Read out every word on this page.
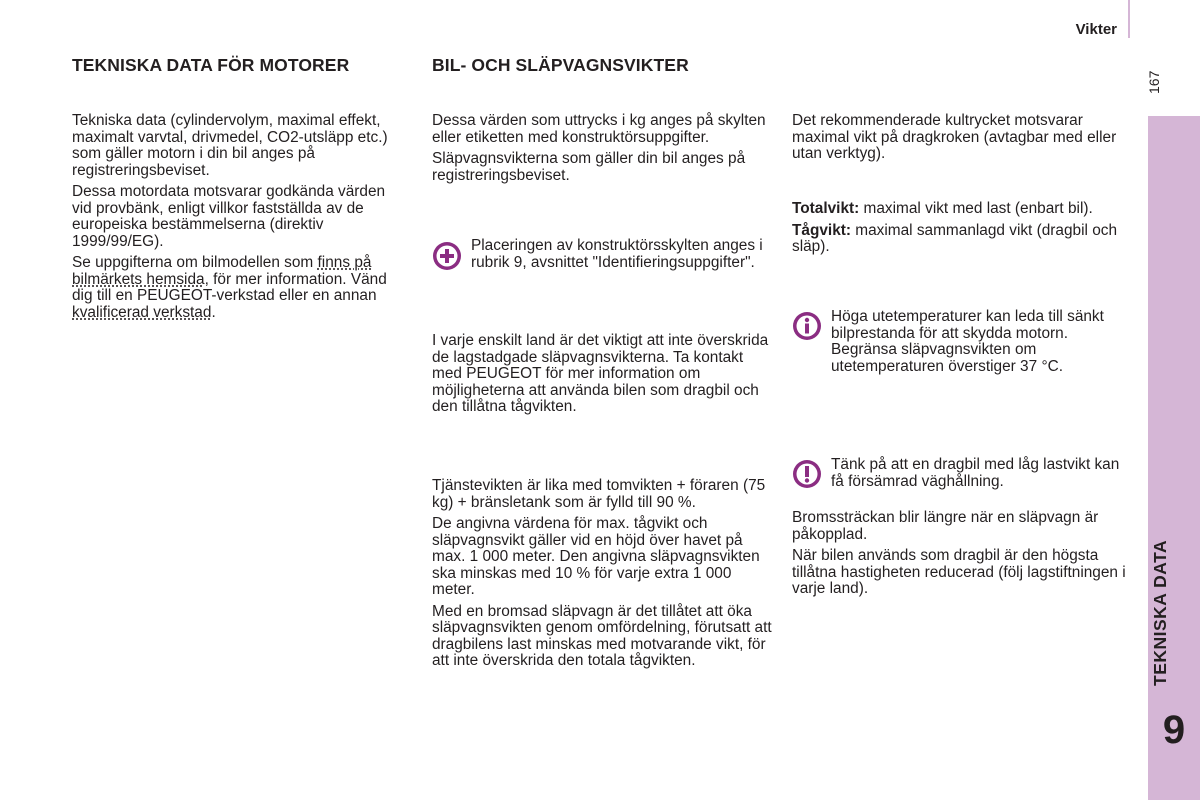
Vikter
167
9
TEKNISKA DATA FÖR MOTORER

Tekniska data (cylindervolym, maximal effekt, maximalt varvtal, drivmedel, CO2-utsläpp etc.) som gäller motorn i din bil anges på registreringsbeviset.

Dessa motordata motsvarar godkända värden vid provbänk, enligt villkor fastställda av de europeiska bestämmelserna (direktiv 1999/99/EG).

Se uppgifterna om bilmodellen som finns på bilmärkets hemsida, för mer information. Vänd dig till en PEUGEOT-verkstad eller en annan kvalificerad verkstad.

BIL- OCH SLÄPVAGNSVIKTER

Dessa värden som uttrycks i kg anges på skylten eller etiketten med konstruktörsuppgifter.

Släpvagnsvikterna som gäller din bil anges på registreringsbeviset.

Placeringen av konstruktörsskylten anges i rubrik 9, avsnittet "Identifieringsuppgifter".

I varje enskilt land är det viktigt att inte överskrida de lagstadgade släpvagnsvikterna. Ta kontakt med PEUGEOT för mer information om möjligheterna att använda bilen som dragbil och den tillåtna tågvikten.

Tjänstevikten är lika med tomvikten + föraren (75 kg) + bränsletank som är fylld till 90 %.

De angivna värdena för max. tågvikt och släpvagnsvikt gäller vid en höjd över havet på max. 1 000 meter. Den angivna släpvagnsvikten ska minskas med 10 % för varje extra 1 000 meter.

Med en bromsad släpvagn är det tillåtet att öka släpvagnsvikten genom omfördelning, förutsatt att dragbilens last minskas med motvarande vikt, för att inte överskrida den totala tågvikten.

Det rekommenderade kultrycket motsvarar maximal vikt på dragkroken (avtagbar med eller utan verktyg).

Totalvikt: maximal vikt med last (enbart bil).

Tågvikt: maximal sammanlagd vikt (dragbil och släp).

Höga utetemperaturer kan leda till sänkt bilprestanda för att skydda motorn. Begränsa släpvagnsvikten om utetemperaturen överstiger 37 °C.
Tänk på att en dragbil med låg lastvikt kan få försämrad väghållning.

Bromssträckan blir längre när en släpvagn är påkopplad.

När bilen används som dragbil är den högsta tillåtna hastigheten reducerad (följ lagstiftningen i varje land).
